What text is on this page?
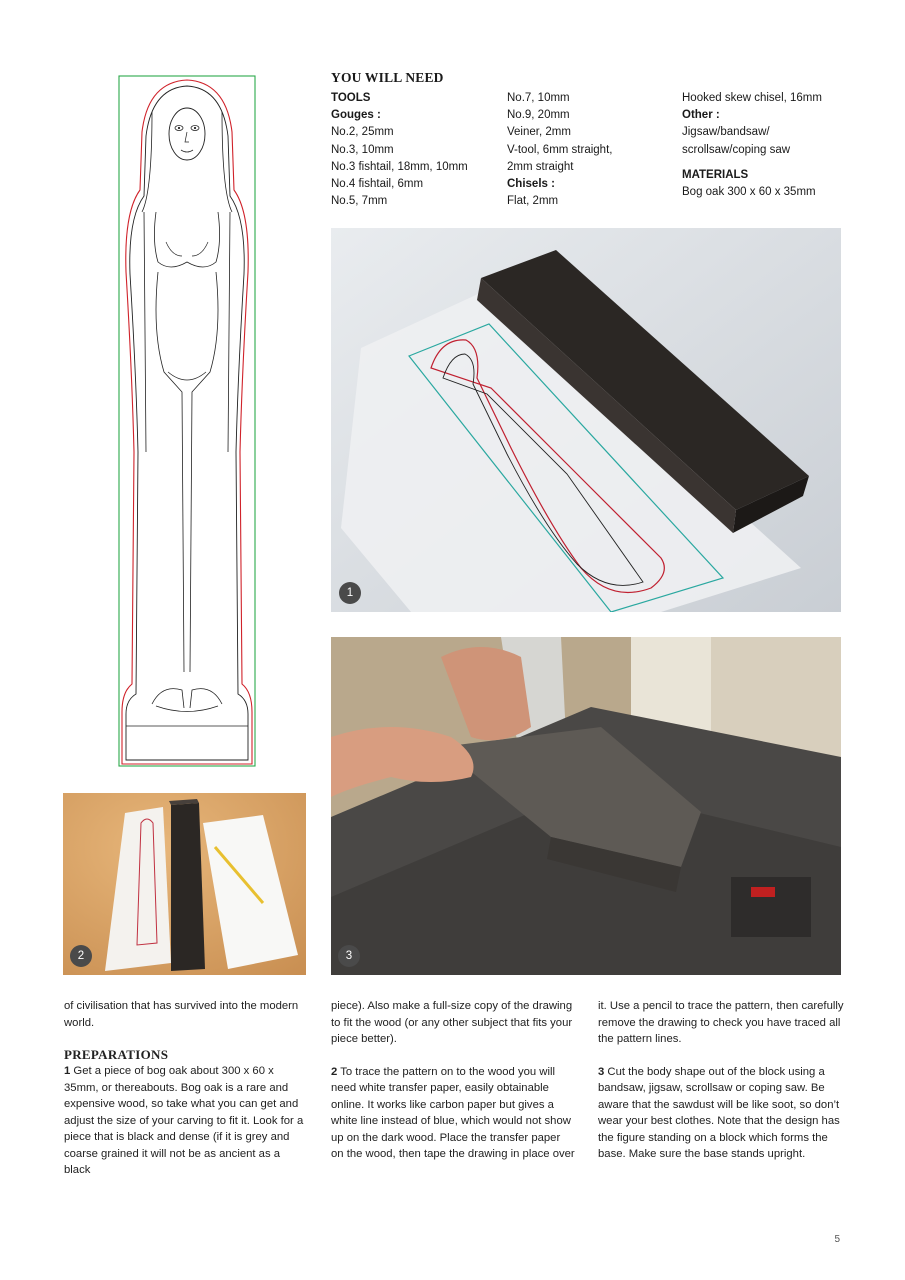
YOU WILL NEED
TOOLS
Gouges :
No.2, 25mm
No.3, 10mm
No.3 fishtail, 18mm, 10mm
No.4 fishtail, 6mm
No.5, 7mm
No.7, 10mm
No.9, 20mm
Veiner, 2mm
V-tool, 6mm straight,
2mm straight
Chisels :
Flat, 2mm
Hooked skew chisel, 16mm
Other :
Jigsaw/bandsaw/
scrollsaw/coping saw
MATERIALS
Bog oak 300 x 60 x 35mm
1
2	3

of civilisation that has survived into the modern world.

PREPARATIONS

1 Get a piece of bog oak about 300 x 60 x 35mm, or thereabouts. Bog oak is a rare and expensive wood, so take what you can get and adjust the size of your carving to fit it. Look for a piece that is black and dense (if it is grey and coarse grained it will not be as ancient as a black

piece). Also make a full-size copy of the drawing to fit the wood (or any other subject that fits your piece better).

2 To trace the pattern on to the wood you will need white transfer paper, easily obtainable online. It works like carbon paper but gives a white line instead of blue, which would not show up on the dark wood. Place the transfer paper on the wood, then tape the drawing in place over

it. Use a pencil to trace the pattern, then carefully remove the drawing to check you have traced all the pattern lines.

3 Cut the body shape out of the block using a bandsaw, jigsaw, scrollsaw or coping saw. Be aware that the sawdust will be like soot, so don’t wear your best clothes. Note that the design has the figure standing on a block which forms the base. Make sure the base stands upright.

5
